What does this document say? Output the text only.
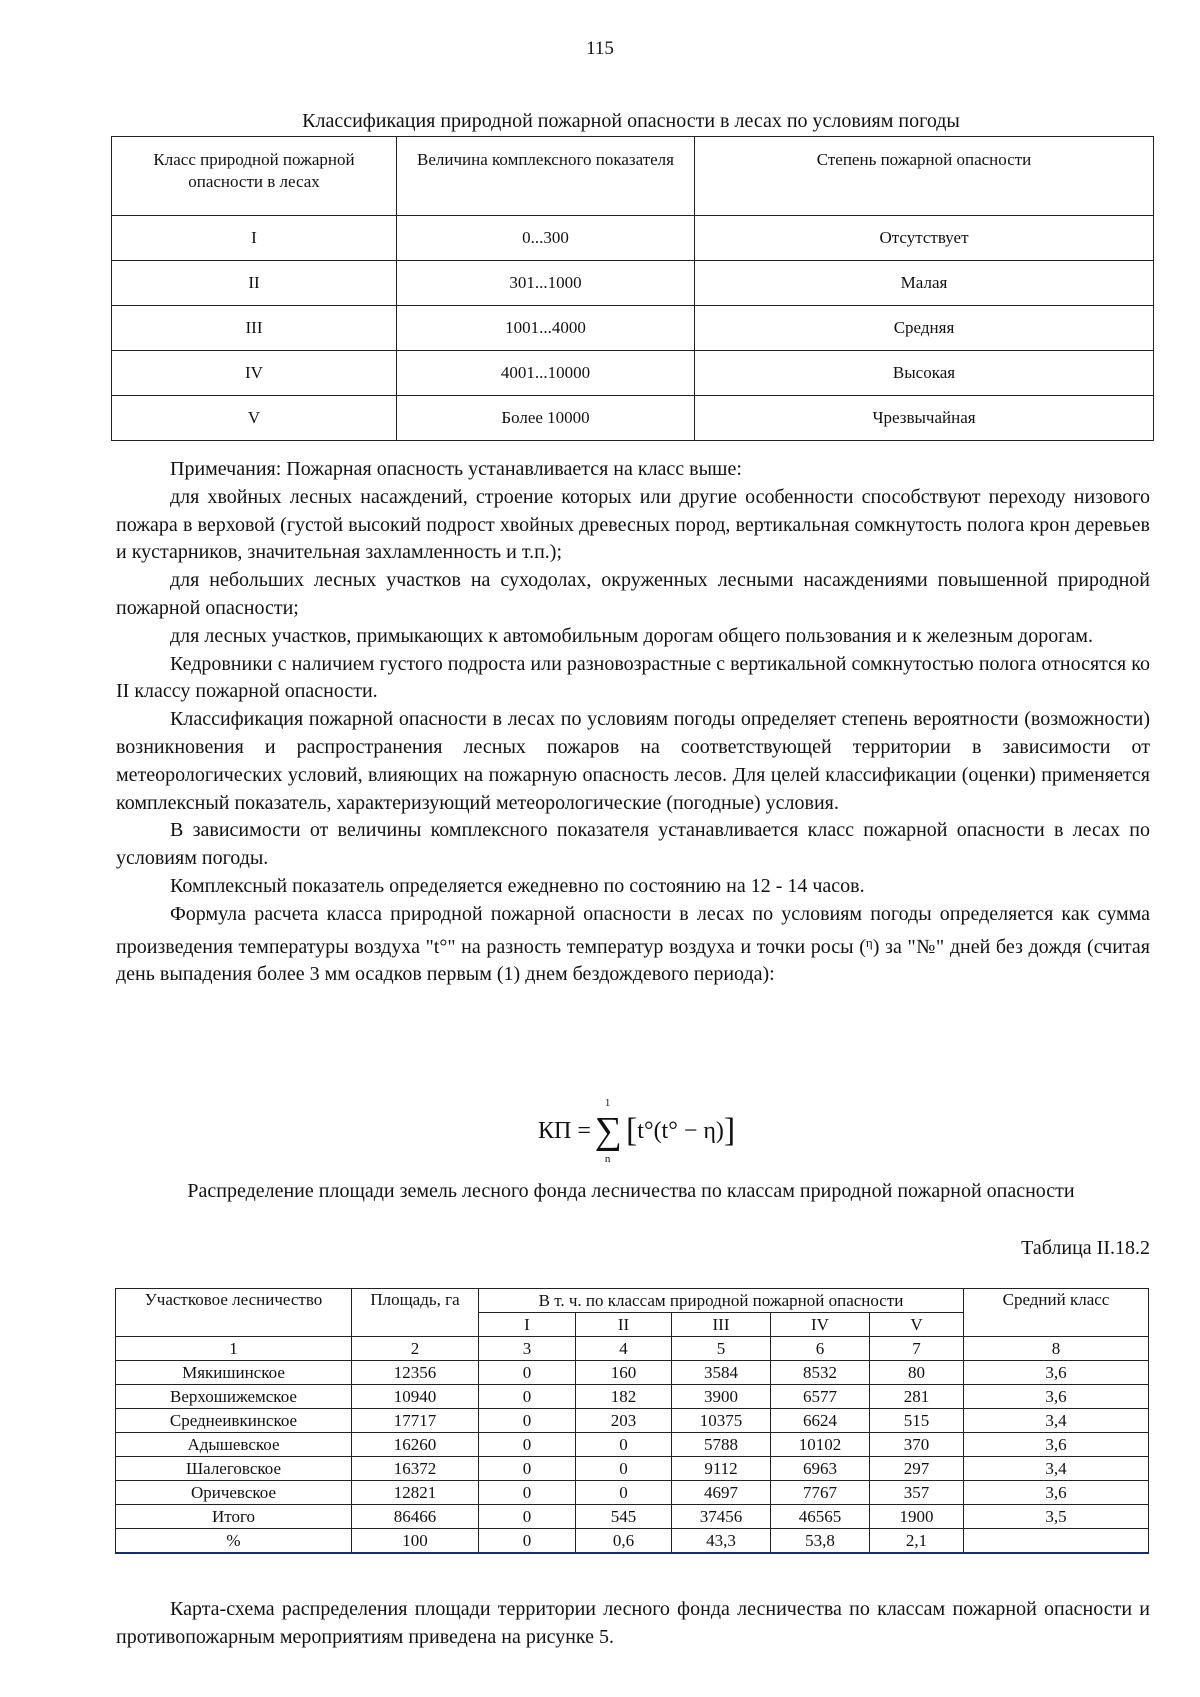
115
Классификация природной пожарной опасности в лесах по условиям погоды
Класс природной пожарной опасности в лесах	Величина комплексного показателя	Степень пожарной опасности
I	0...300	Отсутствует
II	301...1000	Малая
III	1001...4000	Средняя
IV	4001...10000	Высокая
V	Более 10000	Чрезвычайная

Примечания: Пожарная опасность устанавливается на класс выше:

для хвойных лесных насаждений, строение которых или другие особенности способствуют переходу низового пожара в верховой (густой высокий подрост хвойных древесных пород, вертикальная сомкнутость полога крон деревьев и кустарников, значительная захламленность и т.п.);

для небольших лесных участков на суходолах, окруженных лесными насаждениями повышенной природной пожарной опасности;

для лесных участков, примыкающих к автомобильным дорогам общего пользования и к железным дорогам.

Кедровники с наличием густого подроста или разновозрастные с вертикальной сомкнутостью полога относятся ко II классу пожарной опасности.

Классификация пожарной опасности в лесах по условиям погоды определяет степень вероятности (возможности) возникновения и распространения лесных пожаров на соответствующей территории в зависимости от метеорологических условий, влияющих на пожарную опасность лесов. Для целей классификации (оценки) применяется комплексный показатель, характеризующий метеорологические (погодные) условия.

В зависимости от величины комплексного показателя устанавливается класс пожарной опасности в лесах по условиям погоды.

Комплексный показатель определяется ежедневно по состоянию на 12 - 14 часов.

Формула расчета класса природной пожарной опасности в лесах по условиям погоды определяется как сумма произведения температуры воздуха "t°" на разность температур воздуха и точки росы ($^\eta$) за "№" дней без дождя (считая день выпадения более 3 мм осадков первым (1) днем бездождевого периода):

КП =
1
∑
n
[ t°(t° − η) ]
Распределение площади земель лесного фонда лесничества по классам природной пожарной опасности
Таблица II.18.2
Участковое лесничество	Площадь, га	В т. ч. по классам природной пожарной опасности					Средний класс
		I	II	III	IV	V	
1	2	3	4	5	6	7	8
Мякишинское	12356	0	160	3584	8532	80	3,6
Верхошижемское	10940	0	182	3900	6577	281	3,6
Среднеивкинское	17717	0	203	10375	6624	515	3,4
Адышевское	16260	0	0	5788	10102	370	3,6
Шалеговское	16372	0	0	9112	6963	297	3,4
Оричевское	12821	0	0	4697	7767	357	3,6
Итого	86466	0	545	37456	46565	1900	3,5
%	100	0	0,6	43,3	53,8	2,1	

Карта-схема распределения площади территории лесного фонда лесничества по классам пожарной опасности и противопожарным мероприятиям приведена на рисунке 5.
